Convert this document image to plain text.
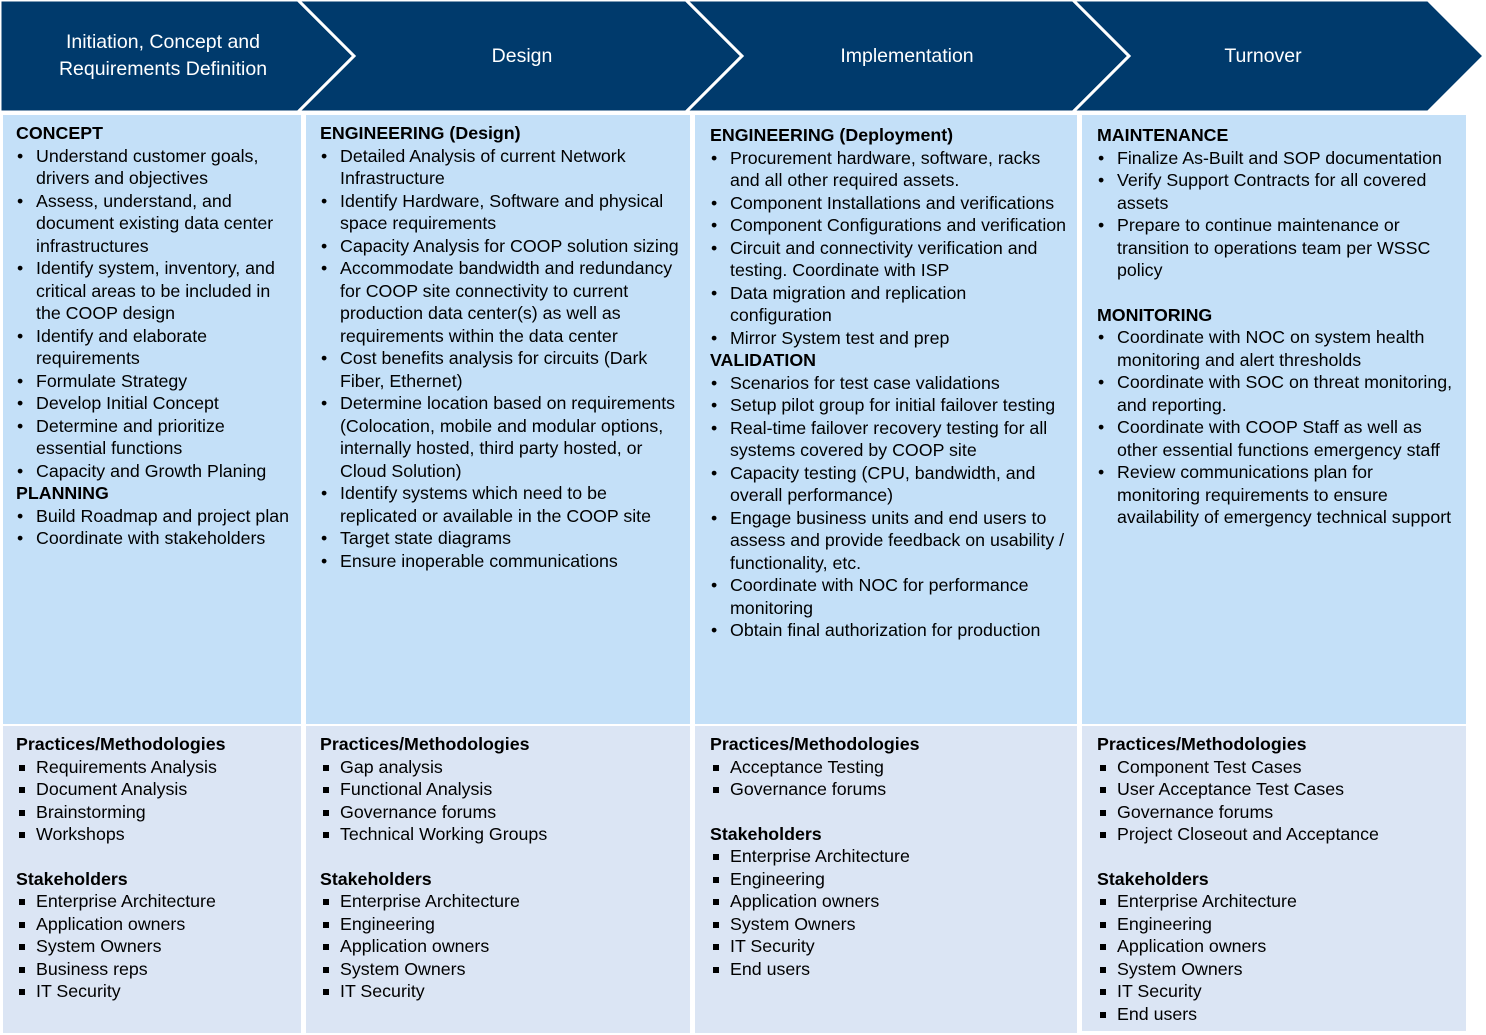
Initiation, Concept and
Requirements Definition
Design	Implementation	Turnover
CONCEPT
• Understand customer goals, drivers and objectives
• Assess, understand, and document existing data center infrastructures
• Identify system, inventory, and critical areas to be included in the COOP design
• Identify and elaborate requirements
• Formulate Strategy
• Develop Initial Concept
• Determine and prioritize essential functions
• Capacity and Growth Planing
PLANNING
• Build Roadmap and project plan
• Coordinate with stakeholders
Practices/Methodologies
Requirements Analysis
Document Analysis
Brainstorming
Workshops
Stakeholders
Enterprise Architecture
Application owners
System Owners
Business reps
IT Security
ENGINEERING (Design)
• Detailed Analysis of current Network Infrastructure
• Identify Hardware, Software and physical space requirements
• Capacity Analysis for COOP solution sizing
• Accommodate bandwidth and redundancy for COOP site connectivity to current production data center(s) as well as requirements within the data center
• Cost benefits analysis for circuits (Dark Fiber, Ethernet)
• Determine location based on requirements (Colocation, mobile and modular options, internally hosted, third party hosted, or Cloud Solution)
• Identify systems which need to be replicated or available in the COOP site
• Target state diagrams
• Ensure inoperable communications
Practices/Methodologies
Gap analysis
Functional Analysis
Governance forums
Technical Working Groups
Stakeholders
Enterprise Architecture
Engineering
Application owners
System Owners
IT Security
ENGINEERING (Deployment)
• Procurement hardware, software, racks and all other required assets.
• Component Installations and verifications
• Component Configurations and verification
• Circuit and connectivity verification and testing. Coordinate with ISP
• Data migration and replication configuration
• Mirror System test and prep
VALIDATION
• Scenarios for test case validations
• Setup pilot group for initial failover testing
• Real-time failover recovery testing for all systems covered by COOP site
• Capacity testing (CPU, bandwidth, and overall performance)
• Engage business units and end users to assess and provide feedback on usability / functionality, etc.
• Coordinate with NOC for performance monitoring
• Obtain final authorization for production
Practices/Methodologies
Acceptance Testing
Governance forums
Stakeholders
Enterprise Architecture
Engineering
Application owners
System Owners
IT Security
End users
MAINTENANCE
• Finalize As-Built and SOP documentation
• Verify Support Contracts for all covered assets
• Prepare to continue maintenance or transition to operations team per WSSC policy
MONITORING
• Coordinate with NOC on system health monitoring and alert thresholds
• Coordinate with SOC on threat monitoring, and reporting.
• Coordinate with COOP Staff as well as other essential functions emergency staff
• Review communications plan for monitoring requirements to ensure availability of emergency technical support
Practices/Methodologies
Component Test Cases
User Acceptance Test Cases
Governance forums
Project Closeout and Acceptance
Stakeholders
Enterprise Architecture
Engineering
Application owners
System Owners
IT Security
End users
